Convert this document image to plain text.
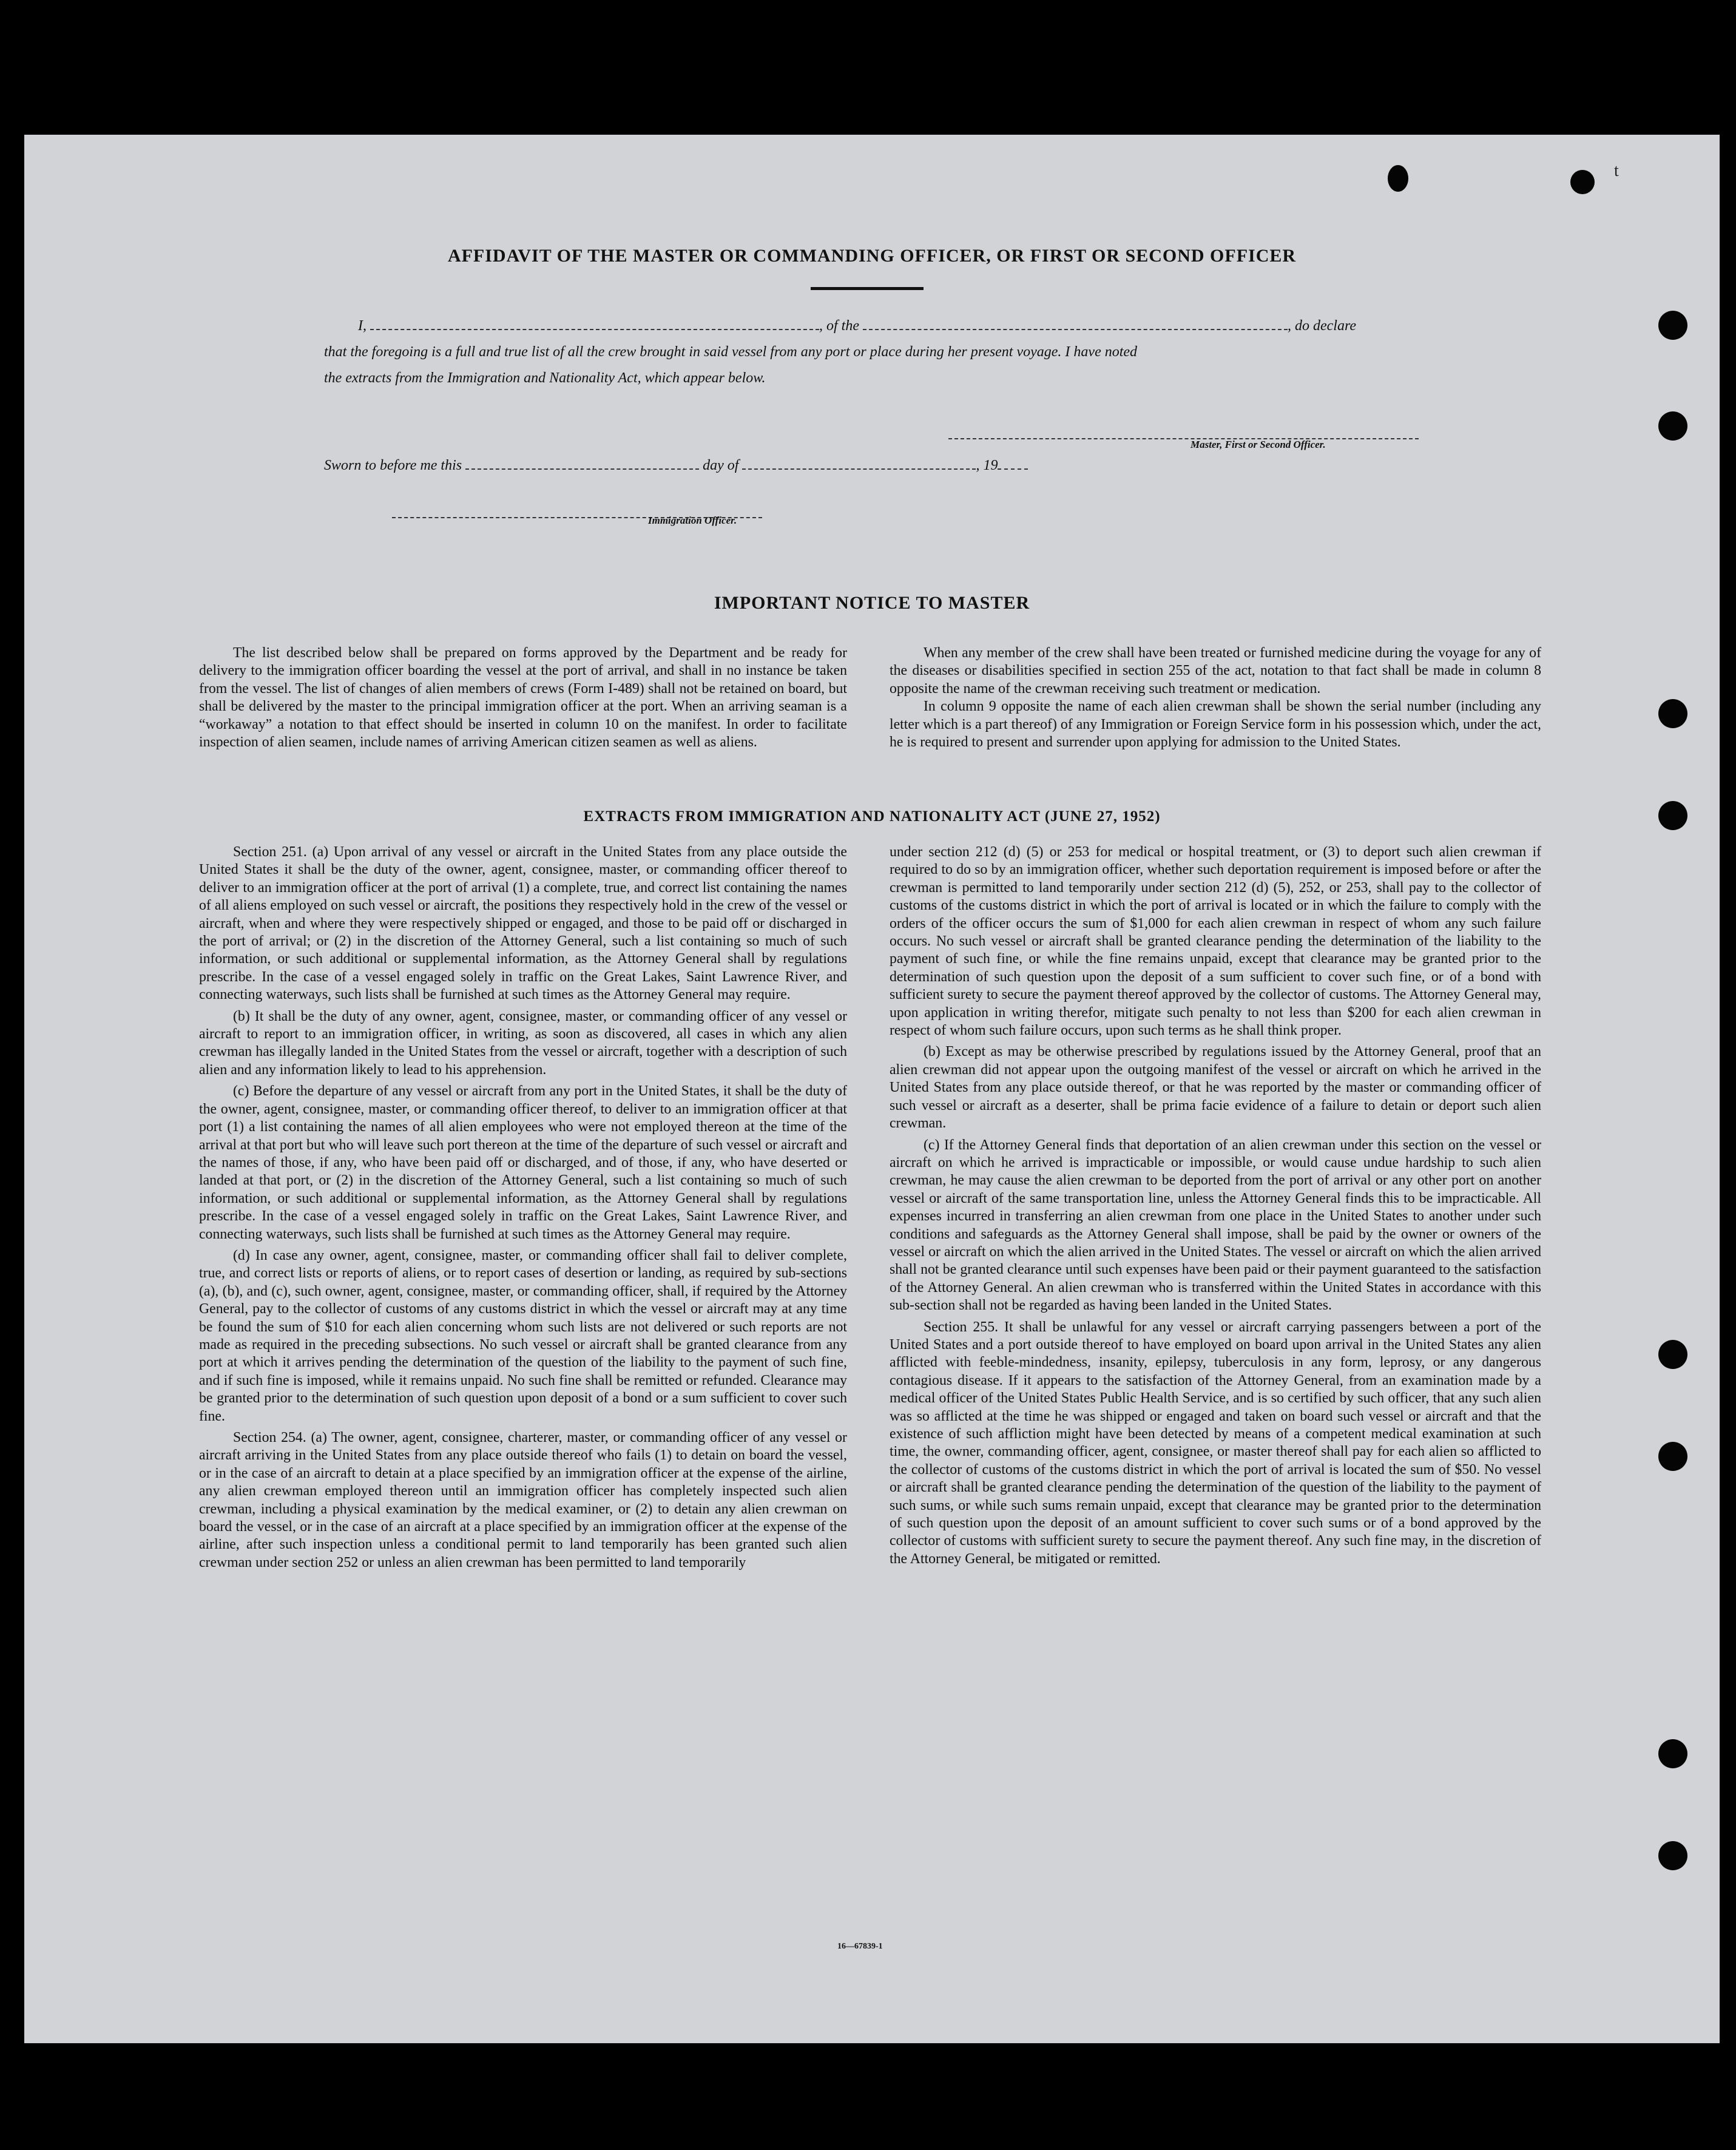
t
AFFIDAVIT OF THE MASTER OR COMMANDING OFFICER, OR FIRST OR SECOND OFFICER
I,	, of the	, do declare
that the foregoing is a full and true list of all the crew brought in said vessel from any port or place during her present voyage. I have noted
the extracts from the Immigration and Nationality Act, which appear below.
Master, First or Second Officer.
Sworn to before me this	day of	, 19
Immigration Officer.
IMPORTANT NOTICE TO MASTER

The list described below shall be prepared on forms approved by the Department and be ready for delivery to the immigration officer boarding the vessel at the port of arrival, and shall in no instance be taken from the vessel. The list of changes of alien members of crews (Form I-489) shall not be retained on board, but shall be delivered by the master to the principal immigration officer at the port. When an arriving seaman is a “workaway” a notation to that effect should be inserted in column 10 on the manifest. In order to facilitate inspection of alien seamen, include names of arriving American citizen seamen as well as aliens.

When any member of the crew shall have been treated or furnished medicine during the voyage for any of the diseases or disabilities specified in section 255 of the act, notation to that fact shall be made in column 8 opposite the name of the crewman receiving such treatment or medication.

In column 9 opposite the name of each alien crewman shall be shown the serial number (including any letter which is a part thereof) of any Immigration or Foreign Service form in his possession which, under the act, he is required to present and surrender upon applying for admission to the United States.

EXTRACTS FROM IMMIGRATION AND NATIONALITY ACT (JUNE 27, 1952)

Section 251. (a) Upon arrival of any vessel or aircraft in the United States from any place outside the United States it shall be the duty of the owner, agent, consignee, master, or commanding officer thereof to deliver to an immigration officer at the port of arrival (1) a complete, true, and correct list containing the names of all aliens employed on such vessel or aircraft, the positions they respectively hold in the crew of the vessel or aircraft, when and where they were respectively shipped or engaged, and those to be paid off or discharged in the port of arrival; or (2) in the discretion of the Attorney General, such a list containing so much of such information, or such additional or supplemental information, as the Attorney General shall by regulations prescribe. In the case of a vessel engaged solely in traffic on the Great Lakes, Saint Lawrence River, and connecting waterways, such lists shall be furnished at such times as the Attorney General may require.

(b) It shall be the duty of any owner, agent, consignee, master, or commanding officer of any vessel or aircraft to report to an immigration officer, in writing, as soon as discovered, all cases in which any alien crewman has illegally landed in the United States from the vessel or aircraft, together with a description of such alien and any information likely to lead to his apprehension.

(c) Before the departure of any vessel or aircraft from any port in the United States, it shall be the duty of the owner, agent, consignee, master, or commanding officer thereof, to deliver to an immigration officer at that port (1) a list containing the names of all alien employees who were not employed thereon at the time of the arrival at that port but who will leave such port thereon at the time of the departure of such vessel or aircraft and the names of those, if any, who have been paid off or discharged, and of those, if any, who have deserted or landed at that port, or (2) in the discretion of the Attorney General, such a list containing so much of such information, or such additional or supplemental information, as the Attorney General shall by regulations prescribe. In the case of a vessel engaged solely in traffic on the Great Lakes, Saint Lawrence River, and connecting waterways, such lists shall be furnished at such times as the Attorney General may require.

(d) In case any owner, agent, consignee, master, or commanding officer shall fail to deliver complete, true, and correct lists or reports of aliens, or to report cases of desertion or landing, as required by sub-sections (a), (b), and (c), such owner, agent, consignee, master, or commanding officer, shall, if required by the Attorney General, pay to the collector of customs of any customs district in which the vessel or aircraft may at any time be found the sum of $10 for each alien concerning whom such lists are not delivered or such reports are not made as required in the preceding subsections. No such vessel or aircraft shall be granted clearance from any port at which it arrives pending the determination of the question of the liability to the payment of such fine, and if such fine is imposed, while it remains unpaid. No such fine shall be remitted or refunded. Clearance may be granted prior to the determination of such question upon deposit of a bond or a sum sufficient to cover such fine.

Section 254. (a) The owner, agent, consignee, charterer, master, or commanding officer of any vessel or aircraft arriving in the United States from any place outside thereof who fails (1) to detain on board the vessel, or in the case of an aircraft to detain at a place specified by an immigration officer at the expense of the airline, any alien crewman employed thereon until an immigration officer has completely inspected such alien crewman, including a physical examination by the medical examiner, or (2) to detain any alien crewman on board the vessel, or in the case of an aircraft at a place specified by an immigration officer at the expense of the airline, after such inspection unless a conditional permit to land temporarily has been granted such alien crewman under section 252 or unless an alien crewman has been permitted to land temporarily

under section 212 (d) (5) or 253 for medical or hospital treatment, or (3) to deport such alien crewman if required to do so by an immigration officer, whether such deportation requirement is imposed before or after the crewman is permitted to land temporarily under section 212 (d) (5), 252, or 253, shall pay to the collector of customs of the customs district in which the port of arrival is located or in which the failure to comply with the orders of the officer occurs the sum of $1,000 for each alien crewman in respect of whom any such failure occurs. No such vessel or aircraft shall be granted clearance pending the determination of the liability to the payment of such fine, or while the fine remains unpaid, except that clearance may be granted prior to the determination of such question upon the deposit of a sum sufficient to cover such fine, or of a bond with sufficient surety to secure the payment thereof approved by the collector of customs. The Attorney General may, upon application in writing therefor, mitigate such penalty to not less than $200 for each alien crewman in respect of whom such failure occurs, upon such terms as he shall think proper.

(b) Except as may be otherwise prescribed by regulations issued by the Attorney General, proof that an alien crewman did not appear upon the outgoing manifest of the vessel or aircraft on which he arrived in the United States from any place outside thereof, or that he was reported by the master or commanding officer of such vessel or aircraft as a deserter, shall be prima facie evidence of a failure to detain or deport such alien crewman.

(c) If the Attorney General finds that deportation of an alien crewman under this section on the vessel or aircraft on which he arrived is impracticable or impossible, or would cause undue hardship to such alien crewman, he may cause the alien crewman to be deported from the port of arrival or any other port on another vessel or aircraft of the same transportation line, unless the Attorney General finds this to be impracticable. All expenses incurred in transferring an alien crewman from one place in the United States to another under such conditions and safeguards as the Attorney General shall impose, shall be paid by the owner or owners of the vessel or aircraft on which the alien arrived in the United States. The vessel or aircraft on which the alien arrived shall not be granted clearance until such expenses have been paid or their payment guaranteed to the satisfaction of the Attorney General. An alien crewman who is transferred within the United States in accordance with this sub-section shall not be regarded as having been landed in the United States.

Section 255. It shall be unlawful for any vessel or aircraft carrying passengers between a port of the United States and a port outside thereof to have employed on board upon arrival in the United States any alien afflicted with feeble-mindedness, insanity, epilepsy, tuberculosis in any form, leprosy, or any dangerous contagious disease. If it appears to the satisfaction of the Attorney General, from an examination made by a medical officer of the United States Public Health Service, and is so certified by such officer, that any such alien was so afflicted at the time he was shipped or engaged and taken on board such vessel or aircraft and that the existence of such affliction might have been detected by means of a competent medical examination at such time, the owner, commanding officer, agent, consignee, or master thereof shall pay for each alien so afflicted to the collector of customs of the customs district in which the port of arrival is located the sum of $50. No vessel or aircraft shall be granted clearance pending the determination of the question of the liability to the payment of such sums, or while such sums remain unpaid, except that clearance may be granted prior to the determination of such question upon the deposit of an amount sufficient to cover such sums or of a bond approved by the collector of customs with sufficient surety to secure the payment thereof. Any such fine may, in the discretion of the Attorney General, be mitigated or remitted.

16—67839-1
